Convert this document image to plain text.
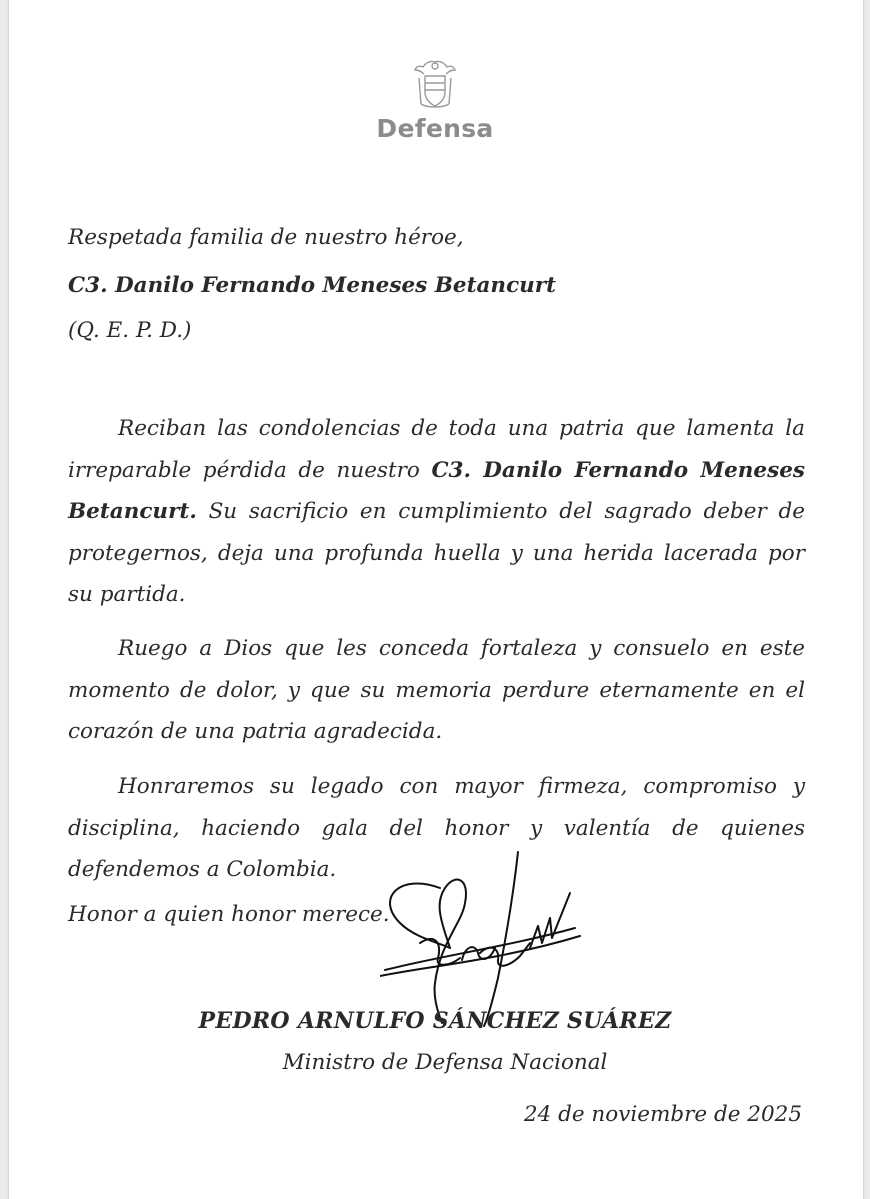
Defensa
Respetada familia de nuestro héroe,
C3. Danilo Fernando Meneses Betancurt
(Q. E. P. D.)
Reciban las condolencias de toda una patria que lamenta la irreparable pérdida de nuestro C3. Danilo Fernando Meneses Betancurt. Su sacrificio en cumplimiento del sagrado deber de protegernos, deja una profunda huella y una herida lacerada por su partida.
Ruego a Dios que les conceda fortaleza y consuelo en este momento de dolor, y que su memoria perdure eternamente en el corazón de una patria agradecida.
Honraremos su legado con mayor firmeza, compromiso y disciplina, haciendo gala del honor y valentía de quienes defendemos a Colombia.
Honor a quien honor merece.
PEDRO ARNULFO SÁNCHEZ SUÁREZ
Ministro de Defensa Nacional
24 de noviembre de 2025
